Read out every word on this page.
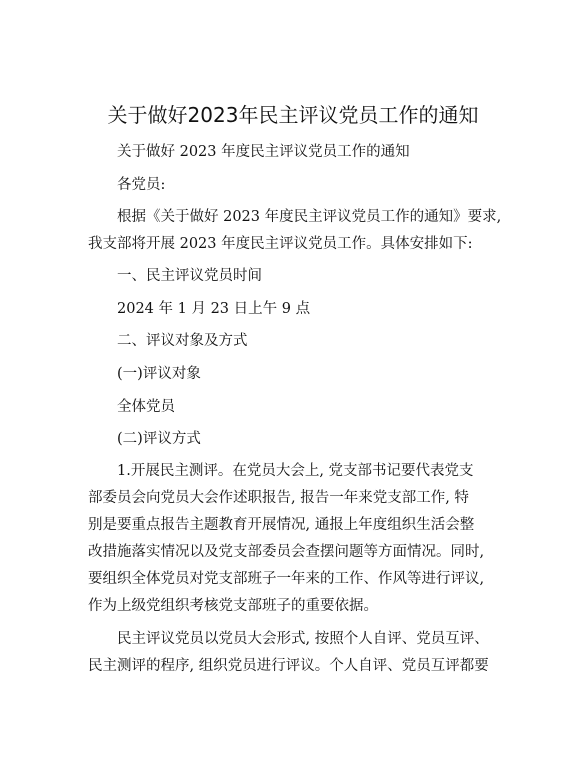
关于做好2023年民主评议党员工作的通知
关于做好 2023 年度民主评议党员工作的通知
各党员:
根据《关于做好 2023 年度民主评议党员工作的通知》要求,
我支部将开展 2023 年度民主评议党员工作。具体安排如下:
一、民主评议党员时间
2024 年 1 月 23 日上午 9 点
二、评议对象及方式
(一)评议对象
全体党员
(二)评议方式
1.开展民主测评。在党员大会上, 党支部书记要代表党支
部委员会向党员大会作述职报告, 报告一年来党支部工作, 特
别是要重点报告主题教育开展情况, 通报上年度组织生活会整
改措施落实情况以及党支部委员会查摆问题等方面情况。同时,
要组织全体党员对党支部班子一年来的工作、作风等进行评议,
作为上级党组织考核党支部班子的重要依据。
民主评议党员以党员大会形式, 按照个人自评、党员互评、
民主测评的程序, 组织党员进行评议。个人自评、党员互评都要
